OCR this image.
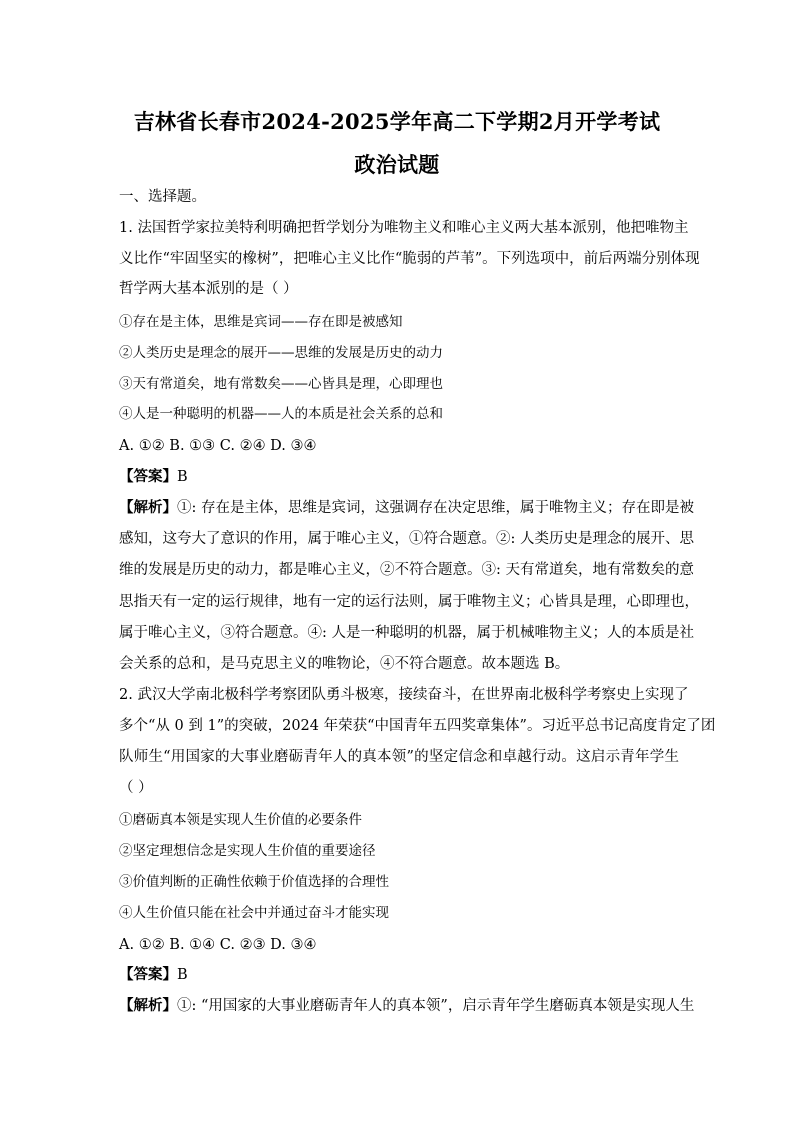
吉林省长春市2024-2025学年高二下学期2月开学考试
政治试题
一、选择题。
1. 法国哲学家拉美特利明确把哲学划分为唯物主义和唯心主义两大基本派别，他把唯物主
义比作“牢固坚实的橡树”，把唯心主义比作“脆弱的芦苇”。下列选项中，前后两端分别体现
哲学两大基本派别的是（ ）
①存在是主体，思维是宾词——存在即是被感知
②人类历史是理念的展开——思维的发展是历史的动力
③天有常道矣，地有常数矣——心皆具是理，心即理也
④人是一种聪明的机器——人的本质是社会关系的总和
A. ①② B. ①③ C. ②④ D. ③④
【答案】B
【解析】①: 存在是主体，思维是宾词，这强调存在决定思维，属于唯物主义；存在即是被
感知，这夸大了意识的作用，属于唯心主义，①符合题意。②: 人类历史是理念的展开、思
维的发展是历史的动力，都是唯心主义，②不符合题意。③: 天有常道矣，地有常数矣的意
思指天有一定的运行规律，地有一定的运行法则，属于唯物主义；心皆具是理，心即理也，
属于唯心主义，③符合题意。④: 人是一种聪明的机器，属于机械唯物主义；人的本质是社
会关系的总和，是马克思主义的唯物论，④不符合题意。故本题选 B。
2. 武汉大学南北极科学考察团队勇斗极寒，接续奋斗，在世界南北极科学考察史上实现了
多个“从 0 到 1”的突破，2024 年荣获“中国青年五四奖章集体”。习近平总书记高度肯定了团
队师生“用国家的大事业磨砺青年人的真本领”的坚定信念和卓越行动。这启示青年学生
（ ）
①磨砺真本领是实现人生价值的必要条件
②坚定理想信念是实现人生价值的重要途径
③价值判断的正确性依赖于价值选择的合理性
④人生价值只能在社会中并通过奋斗才能实现
A. ①② B. ①④ C. ②③ D. ③④
【答案】B
【解析】①: “用国家的大事业磨砺青年人的真本领”，启示青年学生磨砺真本领是实现人生
